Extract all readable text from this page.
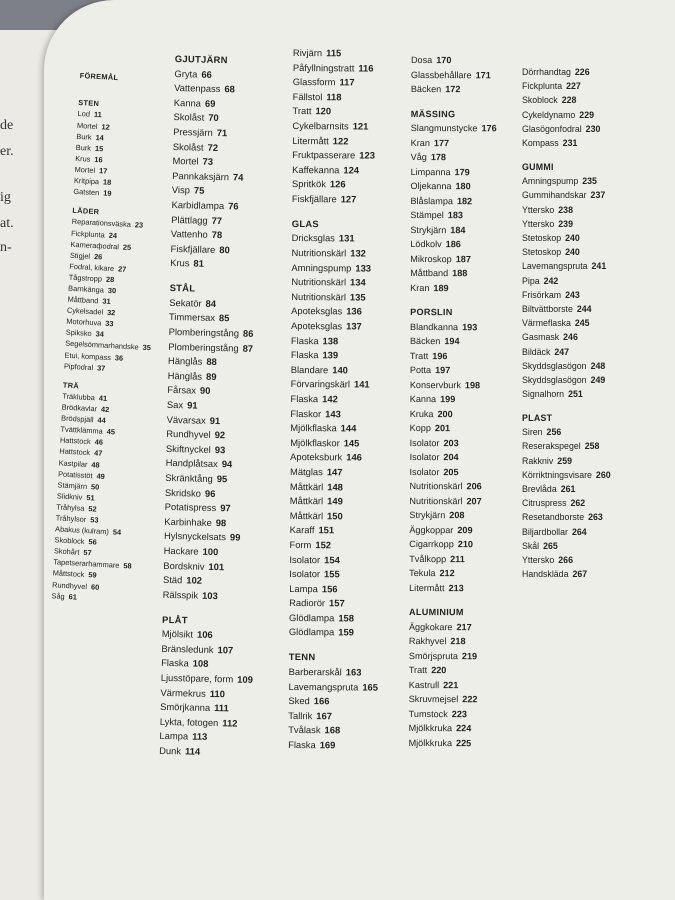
de
er.
ig
at.
n-
FÖREMÅL
STEN
Lod 11
Mortel 12
Burk 14
Burk 15
Krus 16
Mortel 17
Kritpipa 18
Gatsten 19
LÄDER
Reparationsväska 23
Fickplunta 24
Kameraфodral 25
Stigjel 26
Fodral, kikare 27
Tågstropp 28
Barnkänga 30
Måttband 31
Cykelsadel 32
Motorhuva 33
Spikskо 34
Segelsömmarhandske 35
Etui, kompass 36
Pipfodral 37
TRÄ
Träklubba 41
Brödkavlar 42
Brödspjäll 44
Tvättklämma 45
Hattstock 46
Hattstock 47
Kastpilar 48
Potatisstöt 49
Stämjärn 50
Slidkniv 51
Tråhylsa 52
Tråhylsor 53
Abakus (kulram) 54
Skoblock 56
Skohårt 57
Tapetserarhammare 58
Måttstock 59
Rundhyvel 60
Såg 61
GJUTJÄRN
Gryta 66
Vattenpass 68
Kanna 69
Skolåst 70
Pressjärn 71
Skolåst 72
Mortel 73
Pannkaksjärn 74
Visp 75
Karbidlampa 76
Plättlagg 77
Vattenho 78
Fiskfjällare 80
Krus 81
STÅL
Sekatör 84
Timmersax 85
Plomberingstång 86
Plomberingstång 87
Hänglås 88
Hänglås 89
Fårsax 90
Sax 91
Vävarsax 91
Rundhyvel 92
Skiftnyckel 93
Handplåtsax 94
Skränktång 95
Skridsko 96
Potatispress 97
Karbinhake 98
Hylsnyckelsats 99
Hackare 100
Bordskniv 101
Städ 102
Rälsspik 103
PLÅT
Mjölsikt 106
Bränsledunk 107
Flaska 108
Ljusstöpare, form 109
Värmekrus 110
Smörjkanna 111
Lykta, fotogen 112
Lampa 113
Dunk 114
Rivjärn 115
Påfyllningstratt 116
Glassform 117
Fällstol 118
Tratt 120
Cykelbarnsits 121
Litermått 122
Fruktpasserare 123
Kaffekanna 124
Spritkök 126
Fiskfjällare 127
GLAS
Dricksglas 131
Nutritionskärl 132
Amningspump 133
Nutritionskärl 134
Nutritionskärl 135
Apoteksglas 136
Apoteksglas 137
Flaska 138
Flaska 139
Blandare 140
Förvaringskärl 141
Flaska 142
Flaskor 143
Mjölkflaska 144
Mjölkflaskor 145
Apoteksburk 146
Mätglas 147
Måttkärl 148
Måttkärl 149
Måttkärl 150
Karaff 151
Form 152
Isolator 154
Isolator 155
Lampa 156
Radiorör 157
Glödlampa 158
Glödlampa 159
TENN
Barberarskål 163
Lavemangspruta 165
Sked 166
Tallrik 167
Tvålask 168
Flaska 169
Dosa 170
Glassbehållare 171
Bäcken 172
MÄSSING
Slangmunstycke 176
Kran 177
Våg 178
Limpanna 179
Oljekanna 180
Blåslampa 182
Stämpel 183
Strykjärn 184
Lödkolv 186
Mikroskop 187
Måttband 188
Kran 189
PORSLIN
Blandkanna 193
Bäcken 194
Tratt 196
Potta 197
Konservburk 198
Kanna 199
Kruka 200
Kopp 201
Isolator 203
Isolator 204
Isolator 205
Nutritionskärl 206
Nutritionskärl 207
Strykjärn 208
Äggkoppar 209
Cigarrkopp 210
Tvålkopp 211
Tekula 212
Litermått 213
ALUMINIUM
Äggkokare 217
Rakhyvel 218
Smörjspruta 219
Tratt 220
Kastrull 221
Skruvmejsel 222
Tumstock 223
Mjölkkruka 224
Mjölkkruka 225
Dörrhandtag 226
Fickplunta 227
Skoblock 228
Cykeldynamo 229
Glasögonfodral 230
Kompass 231
GUMMI
Amningspump 235
Gummihandskar 237
Yttersko 238
Yttersko 239
Stetoskop 240
Stetoskop 240
Lavemangspruta 241
Pipa 242
Frisörkam 243
Biltvättborste 244
Värmeflaska 245
Gasmask 246
Bildäck 247
Skyddsglasögon 248
Skyddsglasögon 249
Signalhorn 251
PLAST
Siren 256
Reseraksрegel 258
Rakkniv 259
Körriktningsvisare 260
Brevlåda 261
Citruspress 262
Resetandborste 263
Biljardbollar 264
Skål 265
Yttersko 266
Handskläda 267
